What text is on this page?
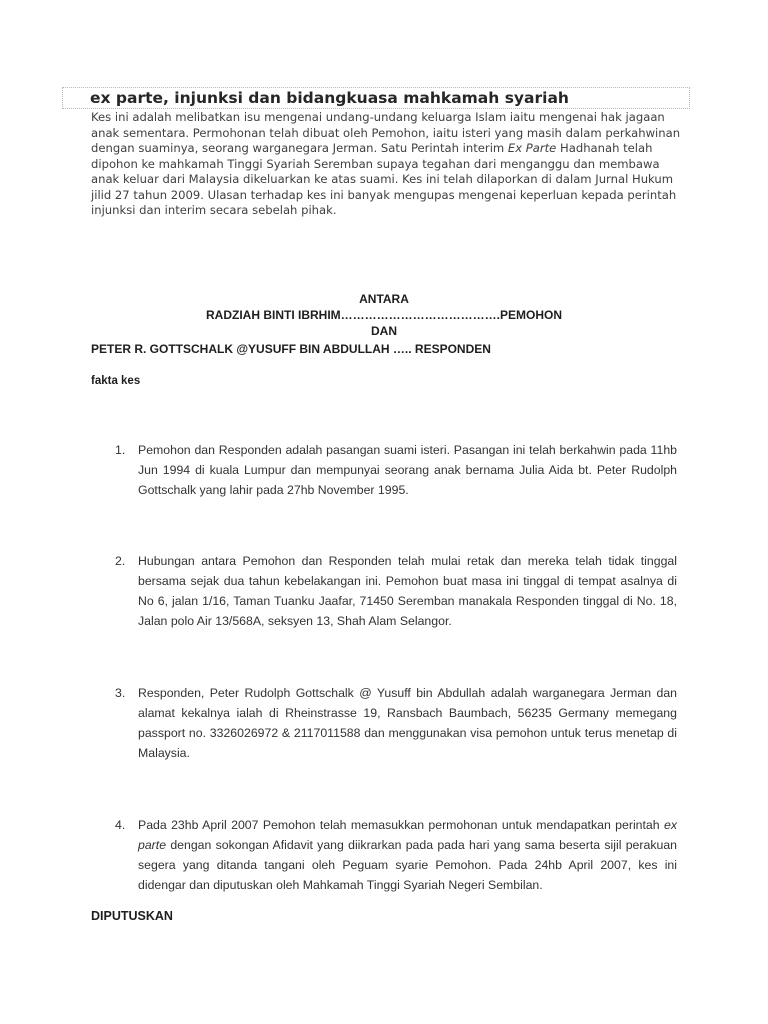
ex parte, injunksi dan bidangkuasa mahkamah syariah

Kes ini adalah melibatkan isu mengenai undang-undang keluarga Islam iaitu mengenai hak jagaan anak sementara. Permohonan telah dibuat oleh Pemohon, iaitu isteri yang masih dalam perkahwinan dengan suaminya, seorang warganegara Jerman. Satu Perintah interim Ex Parte Hadhanah telah dipohon ke mahkamah Tinggi Syariah Seremban supaya tegahan dari menganggu dan membawa anak keluar dari Malaysia dikeluarkan ke atas suami. Kes ini telah dilaporkan di dalam Jurnal Hukum jilid 27 tahun 2009. Ulasan terhadap kes ini banyak mengupas mengenai keperluan kepada perintah injunksi dan interim secara sebelah pihak.

ANTARA
RADZIAH BINTI IBRHIM………………………………….PEMOHON
DAN
PETER R. GOTTSCHALK @YUSUFF BIN ABDULLAH ….. RESPONDEN
fakta kes
1.	Pemohon dan Responden adalah pasangan suami isteri. Pasangan ini telah berkahwin pada 11hb Jun 1994 di kuala Lumpur dan mempunyai seorang anak bernama Julia Aida bt. Peter Rudolph Gottschalk yang lahir pada 27hb November 1995.
2.	Hubungan antara Pemohon dan Responden telah mulai retak dan mereka telah tidak tinggal bersama sejak dua tahun kebelakangan ini. Pemohon buat masa ini tinggal di tempat asalnya di No 6, jalan 1/16, Taman Tuanku Jaafar, 71450 Seremban manakala Responden tinggal di No. 18, Jalan polo Air 13/568A, seksyen 13, Shah Alam Selangor.
3.	Responden, Peter Rudolph Gottschalk @ Yusuff bin Abdullah adalah warganegara Jerman dan alamat kekalnya ialah di Rheinstrasse 19, Ransbach Baumbach, 56235 Germany memegang passport no. 3326026972 & 2117011588 dan menggunakan visa pemohon untuk terus menetap di Malaysia.
4.	Pada 23hb April 2007 Pemohon telah memasukkan permohonan untuk mendapatkan perintah ex parte dengan sokongan Afidavit yang diikrarkan pada pada hari yang sama beserta sijil perakuan segera yang ditanda tangani oleh Peguam syarie Pemohon. Pada 24hb April 2007, kes ini didengar dan diputuskan oleh Mahkamah Tinggi Syariah Negeri Sembilan.
DIPUTUSKAN
